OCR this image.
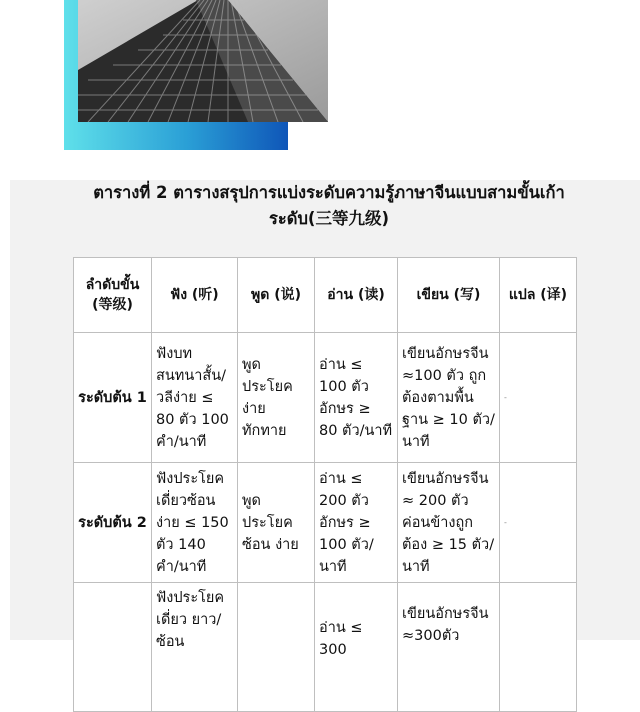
ตารางที่ 2 ตารางสรุปการแบ่งระดับความรู้ภาษาจีนแบบสามขั้นเก้าระดับ(三等九级)
ลำดับขั้น (等级)	ฟัง (听)	พูด (说)	อ่าน (读)	เขียน (写)	แปล (译)
ระดับต้น 1	ฟังบทสนทนาสั้น/วลีง่าย ≤ 80 ตัว 100 คำ/นาที	พูดประโยคง่าย ทักทาย	อ่าน ≤ 100 ตัวอักษร ≥ 80 ตัว/นาที	เขียนอักษรจีน ≈100 ตัว ถูกต้องตามพื้นฐาน ≥ 10 ตัว/นาที	-
ระดับต้น 2	ฟังประโยคเดี่ยวซ้อนง่าย ≤ 150 ตัว 140 คำ/นาที	พูดประโยคซ้อน ง่าย	อ่าน ≤ 200 ตัวอักษร ≥ 100 ตัว/นาที	เขียนอักษรจีน ≈ 200 ตัว ค่อนข้างถูกต้อง ≥ 15 ตัว/นาที	-
	ฟังประโยคเดี่ยว ยาว/ซ้อน		อ่าน ≤ 300	เขียนอักษรจีน ≈300ตัว	
